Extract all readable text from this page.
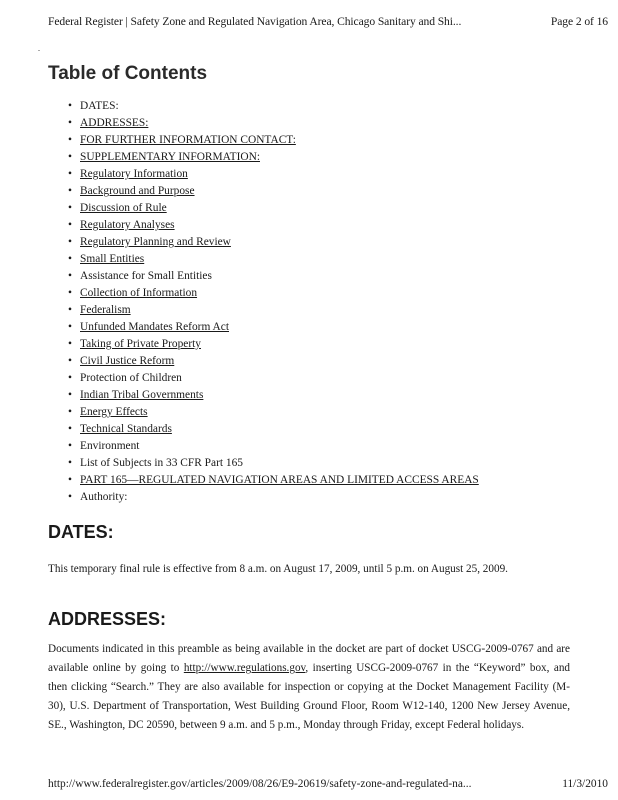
Federal Register | Safety Zone and Regulated Navigation Area, Chicago Sanitary and Shi...	Page 2 of 16
.
Table of Contents
• DATES:
• ADDRESSES:
• FOR FURTHER INFORMATION CONTACT:
• SUPPLEMENTARY INFORMATION:
• Regulatory Information
• Background and Purpose
• Discussion of Rule
• Regulatory Analyses
• Regulatory Planning and Review
• Small Entities
• Assistance for Small Entities
• Collection of Information
• Federalism
• Unfunded Mandates Reform Act
• Taking of Private Property
• Civil Justice Reform
• Protection of Children
• Indian Tribal Governments
• Energy Effects
• Technical Standards
• Environment
• List of Subjects in 33 CFR Part 165
• PART 165—REGULATED NAVIGATION AREAS AND LIMITED ACCESS AREAS
• Authority:
DATES:

This temporary final rule is effective from 8 a.m. on August 17, 2009, until 5 p.m. on August 25, 2009.

ADDRESSES:

Documents indicated in this preamble as being available in the docket are part of docket USCG-2009-0767 and are available online by going to http://www.regulations.gov, inserting USCG-2009-0767 in the “Keyword” box, and then clicking “Search.” They are also available for inspection or copying at the Docket Management Facility (M-30), U.S. Department of Transportation, West Building Ground Floor, Room W12-140, 1200 New Jersey Avenue, SE., Washington, DC 20590, between 9 a.m. and 5 p.m., Monday through Friday, except Federal holidays.

http://www.federalregister.gov/articles/2009/08/26/E9-20619/safety-zone-and-regulated-na...	11/3/2010
